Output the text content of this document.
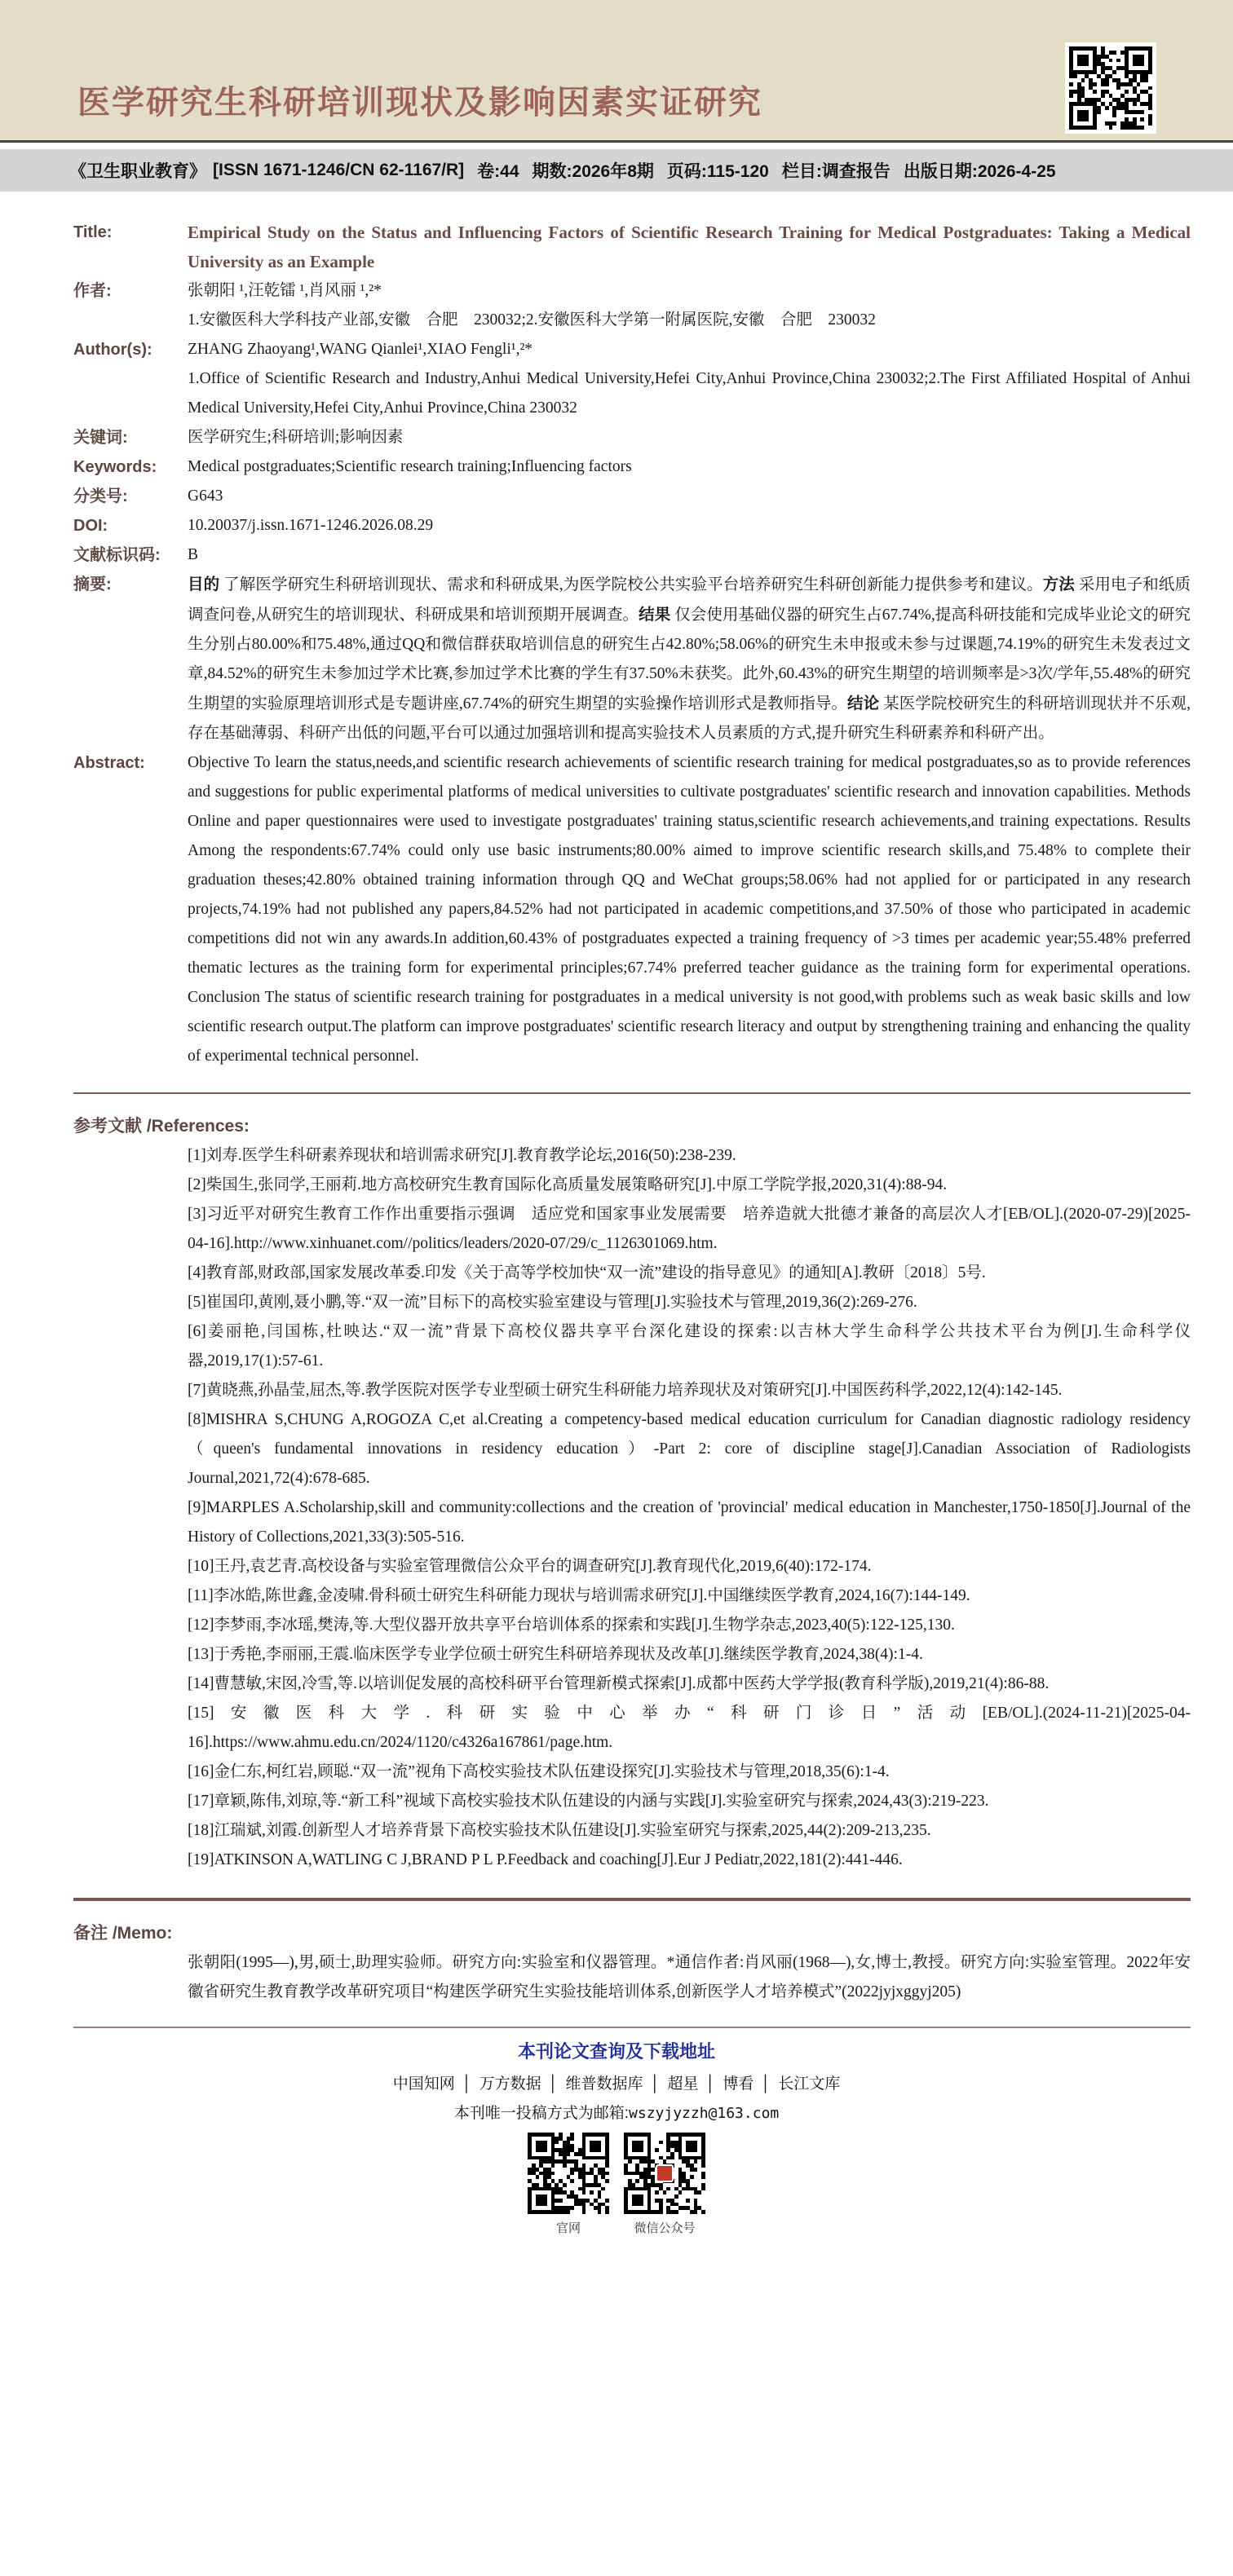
医学研究生科研培训现状及影响因素实证研究
《卫生职业教育》 [ISSN 1671-1246/CN 62-1167/R] 卷:44 期数:2026年8期 页码:115-120 栏目:调查报告 出版日期:2026-4-25
Title:	Empirical Study on the Status and Influencing Factors of Scientific Research Training for Medical Postgraduates: Taking a Medical University as an Example
作者:	张朝阳 ¹,汪乾镭 ¹,肖风丽 ¹,²*
1.安徽医科大学科技产业部,安徽　合肥　230032;2.安徽医科大学第一附属医院,安徽　合肥　230032
Author(s):	ZHANG Zhaoyang¹,WANG Qianlei¹,XIAO Fengli¹,²*
1.Office of Scientific Research and Industry,Anhui Medical University,Hefei City,Anhui Province,China 230032;2.The First Affiliated Hospital of Anhui Medical University,Hefei City,Anhui Province,China 230032
关键词:	医学研究生;科研培训;影响因素
Keywords:	Medical postgraduates;Scientific research training;Influencing factors
分类号:	G643
DOI:	10.20037/j.issn.1671-1246.2026.08.29
文献标识码:	B
摘要:	目的 了解医学研究生科研培训现状、需求和科研成果,为医学院校公共实验平台培养研究生科研创新能力提供参考和建议。方法 采用电子和纸质调查问卷,从研究生的培训现状、科研成果和培训预期开展调查。结果 仅会使用基础仪器的研究生占67.74%,提高科研技能和完成毕业论文的研究生分别占80.00%和75.48%,通过QQ和微信群获取培训信息的研究生占42.80%;58.06%的研究生未申报或未参与过课题,74.19%的研究生未发表过文章,84.52%的研究生未参加过学术比赛,参加过学术比赛的学生有37.50%未获奖。此外,60.43%的研究生期望的培训频率是>3次/学年,55.48%的研究生期望的实验原理培训形式是专题讲座,67.74%的研究生期望的实验操作培训形式是教师指导。结论 某医学院校研究生的科研培训现状并不乐观,存在基础薄弱、科研产出低的问题,平台可以通过加强培训和提高实验技术人员素质的方式,提升研究生科研素养和科研产出。
Abstract:	Objective To learn the status,needs,and scientific research achievements of scientific research training for medical postgraduates,so as to provide references and suggestions for public experimental platforms of medical universities to cultivate postgraduates' scientific research and innovation capabilities. Methods Online and paper questionnaires were used to investigate postgraduates' training status,scientific research achievements,and training expectations. Results Among the respondents:67.74% could only use basic instruments;80.00% aimed to improve scientific research skills,and 75.48% to complete their graduation theses;42.80% obtained training information through QQ and WeChat groups;58.06% had not applied for or participated in any research projects,74.19% had not published any papers,84.52% had not participated in academic competitions,and 37.50% of those who participated in academic competitions did not win any awards.In addition,60.43% of postgraduates expected a training frequency of >3 times per academic year;55.48% preferred thematic lectures as the training form for experimental principles;67.74% preferred teacher guidance as the training form for experimental operations. Conclusion The status of scientific research training for postgraduates in a medical university is not good,with problems such as weak basic skills and low scientific research output.The platform can improve postgraduates' scientific research literacy and output by strengthening training and enhancing the quality of experimental technical personnel.
参考文献 /References:
[1]刘寿.医学生科研素养现状和培训需求研究[J].教育教学论坛,2016(50):238-239.
[2]柴国生,张同学,王丽莉.地方高校研究生教育国际化高质量发展策略研究[J].中原工学院学报,2020,31(4):88-94.
[3]习近平对研究生教育工作作出重要指示强调　适应党和国家事业发展需要　培养造就大批德才兼备的高层次人才[EB/OL].(2020-07-29)[2025-04-16].http://www.xinhuanet.com//politics/leaders/2020-07/29/c_1126301069.htm.
[4]教育部,财政部,国家发展改革委.印发《关于高等学校加快“双一流”建设的指导意见》的通知[A].教研〔2018〕5号.
[5]崔国印,黄刚,聂小鹏,等.“双一流”目标下的高校实验室建设与管理[J].实验技术与管理,2019,36(2):269-276.
[6]姜丽艳,闫国栋,杜映达.“双一流”背景下高校仪器共享平台深化建设的探索:以吉林大学生命科学公共技术平台为例[J].生命科学仪器,2019,17(1):57-61.
[7]黄晓燕,孙晶莹,屈杰,等.教学医院对医学专业型硕士研究生科研能力培养现状及对策研究[J].中国医药科学,2022,12(4):142-145.
[8]MISHRA S,CHUNG A,ROGOZA C,et al.Creating a competency-based medical education curriculum for Canadian diagnostic radiology residency （queen's fundamental innovations in residency education）-Part 2: core of discipline stage[J].Canadian Association of Radiologists Journal,2021,72(4):678-685.
[9]MARPLES A.Scholarship,skill and community:collections and the creation of 'provincial' medical education in Manchester,1750-1850[J].Journal of the History of Collections,2021,33(3):505-516.
[10]王丹,袁艺青.高校设备与实验室管理微信公众平台的调查研究[J].教育现代化,2019,6(40):172-174.
[11]李冰皓,陈世鑫,金凌啸.骨科硕士研究生科研能力现状与培训需求研究[J].中国继续医学教育,2024,16(7):144-149.
[12]李梦雨,李冰瑶,樊涛,等.大型仪器开放共享平台培训体系的探索和实践[J].生物学杂志,2023,40(5):122-125,130.
[13]于秀艳,李丽丽,王震.临床医学专业学位硕士研究生科研培养现状及改革[J].继续医学教育,2024,38(4):1-4.
[14]曹慧敏,宋囡,冷雪,等.以培训促发展的高校科研平台管理新模式探索[J].成都中医药大学学报(教育科学版),2019,21(4):86-88.
[15]安徽医科大学.科研实验中心举办“科研门诊日”活动[EB/OL].(2024-11-21)[2025-04-16].https://www.ahmu.edu.cn/2024/1120/c4326a167861/page.htm.
[16]金仁东,柯红岩,顾聪.“双一流”视角下高校实验技术队伍建设探究[J].实验技术与管理,2018,35(6):1-4.
[17]章颖,陈伟,刘琼,等.“新工科”视域下高校实验技术队伍建设的内涵与实践[J].实验室研究与探索,2024,43(3):219-223.
[18]江瑞斌,刘霞.创新型人才培养背景下高校实验技术队伍建设[J].实验室研究与探索,2025,44(2):209-213,235.
[19]ATKINSON A,WATLING C J,BRAND P L P.Feedback and coaching[J].Eur J Pediatr,2022,181(2):441-446.
备注 /Memo:
张朝阳(1995—),男,硕士,助理实验师。研究方向:实验室和仪器管理。*通信作者:肖风丽(1968—),女,博士,教授。研究方向:实验室管理。2022年安徽省研究生教育教学改革研究项目“构建医学研究生实验技能培训体系,创新医学人才培养模式”(2022jyjxggyj205)
本刊论文查询及下载地址
中国知网 │ 万方数据 │ 维普数据库 │ 超星 │ 博看 │ 长江文库
本刊唯一投稿方式为邮箱:wszyjyzzh@163.com
官网	微信公众号
